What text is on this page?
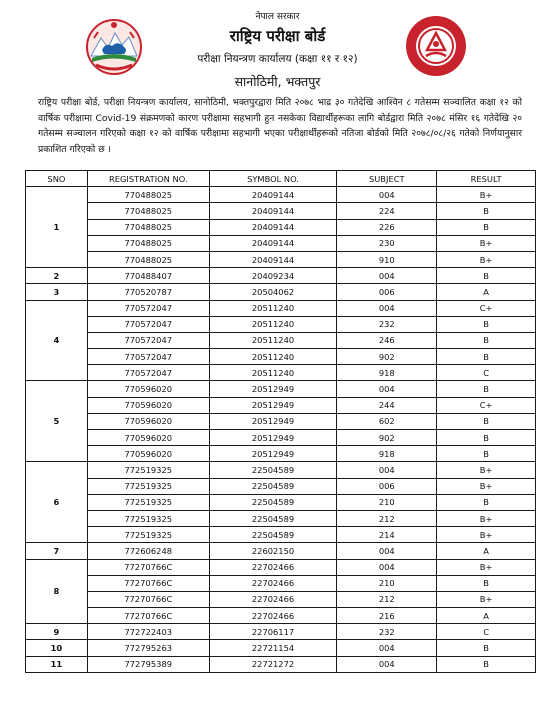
नेपाल सरकार
राष्ट्रिय परीक्षा बोर्ड
परीक्षा नियन्त्रण कार्यालय (कक्षा ११ र १२)
सानोठिमी, भक्तपुर
राष्ट्रिय परीक्षा बोर्ड, परीक्षा नियन्त्रण कार्यालय, सानोठिमी, भक्तपुरद्वारा मिति २०७८ भाद्र ३० गतेदेखि आश्विन ८ गतेसम्म सञ्चालित कक्षा १२ को वार्षिक परीक्षामा Covid-19 संक्रमणको कारण परीक्षामा सहभागी हुन नसकेका विद्यार्थीहरूका लागि बोर्डद्वारा मिति २०७८ मंसिर १६ गतेदेखि २० गतेसम्म सञ्चालन गरिएको कक्षा १२ को वार्षिक परीक्षामा सहभागी भएका परीक्षार्थीहरूको नतिजा बोर्डको मिति २०७८/०८/२६ गतेको निर्णयानुसार प्रकाशित गरिएको छ ।
SNO	REGISTRATION NO.	SYMBOL NO.	SUBJECT	RESULT
1	770488025	20409144	004	B+
	770488025	20409144	224	B
	770488025	20409144	226	B
	770488025	20409144	230	B+
	770488025	20409144	910	B+
2	770488407	20409234	004	B
3	770520787	20504062	006	A
4	770572047	20511240	004	C+
	770572047	20511240	232	B
	770572047	20511240	246	B
	770572047	20511240	902	B
	770572047	20511240	918	C
5	770596020	20512949	004	B
	770596020	20512949	244	C+
	770596020	20512949	602	B
	770596020	20512949	902	B
	770596020	20512949	918	B
6	772519325	22504589	004	B+
	772519325	22504589	006	B+
	772519325	22504589	210	B
	772519325	22504589	212	B+
	772519325	22504589	214	B+
7	772606248	22602150	004	A
8	77270766C	22702466	004	B+
	77270766C	22702466	210	B
	77270766C	22702466	212	B+
	77270766C	22702466	216	A
9	772722403	22706117	232	C
10	772795263	22721154	004	B
11	772795389	22721272	004	B
